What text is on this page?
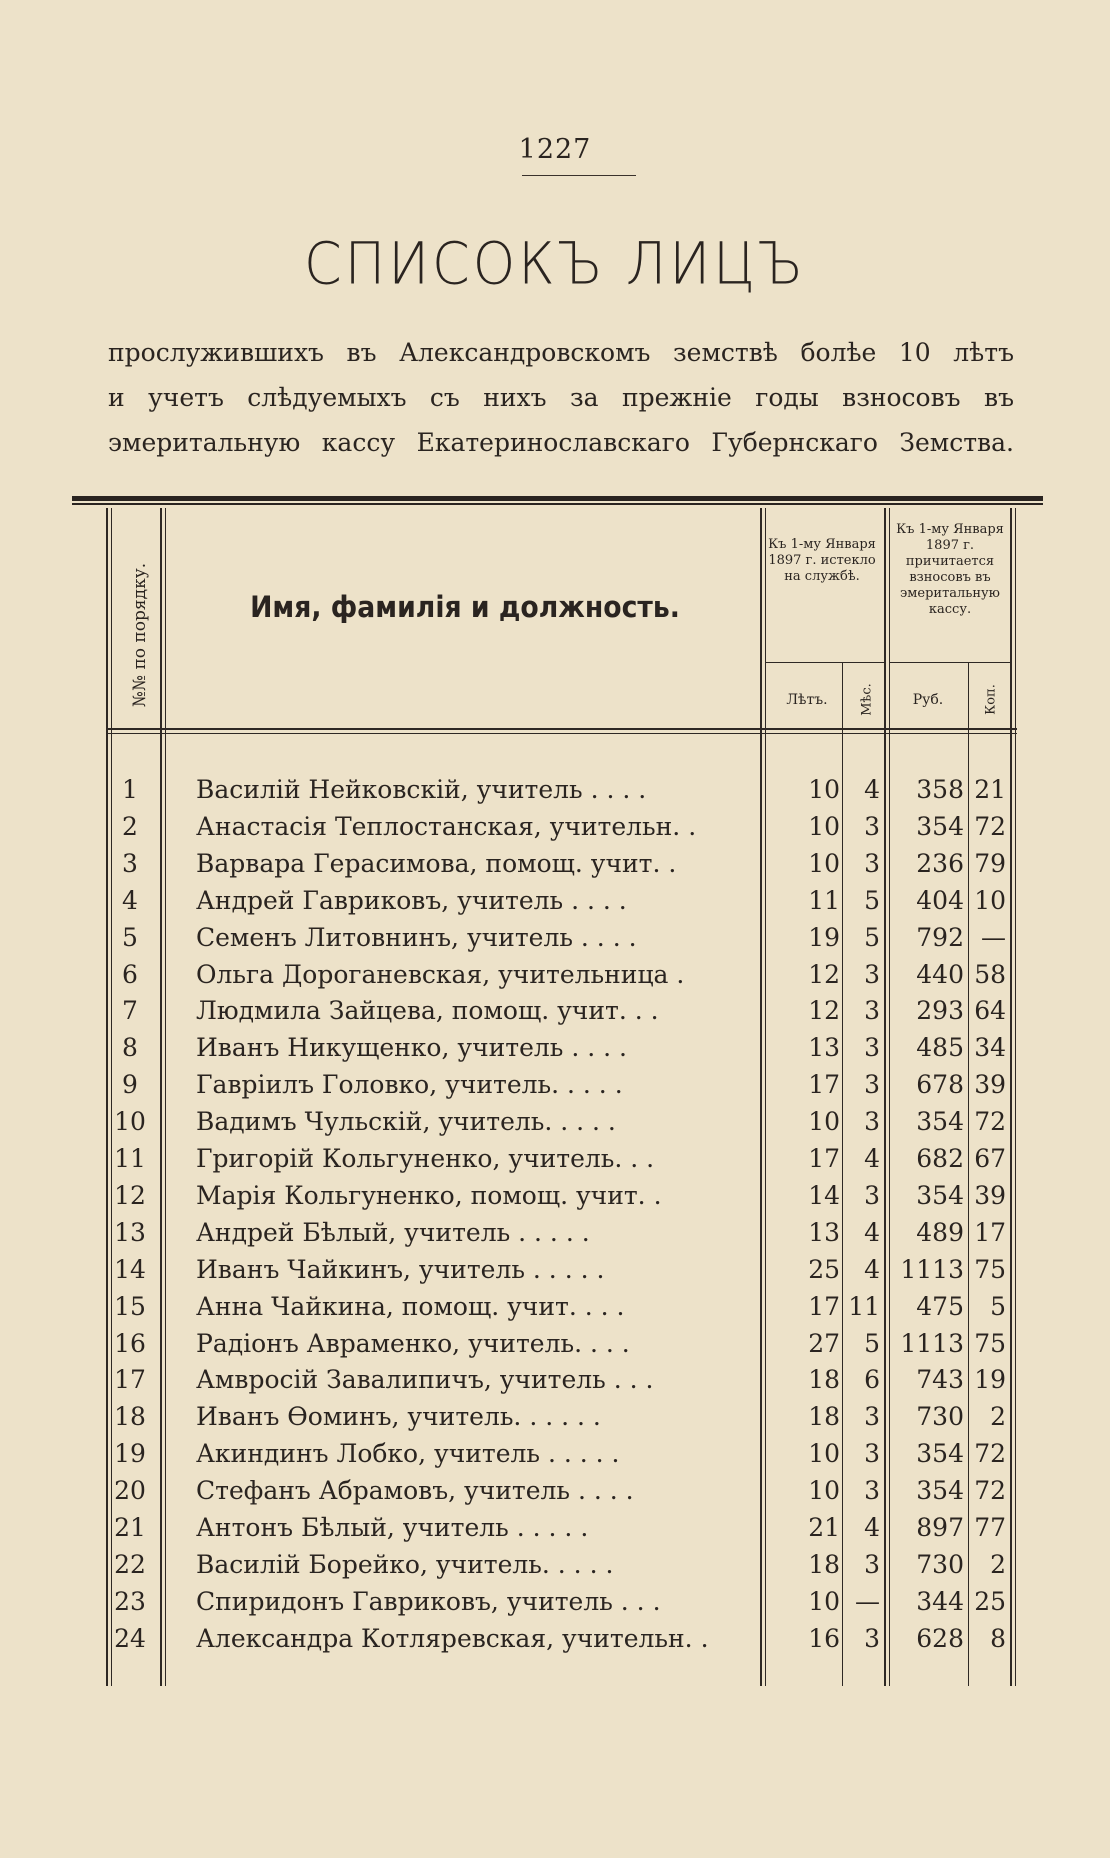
1227
СПИСОКЪ ЛИЦЪ
прослужившихъ въ Александровскомъ земствѣ болѣе 10 лѣтъ
и учетъ слѣдуемыхъ съ нихъ за прежніе годы взносовъ въ
эмеритальную кассу Екатеринославскаго Губернскаго Земства.
№№ по порядку.	Имя, фамилія и должность.
Къ 1-му Января 1897 г. истекло на службѣ.
Къ 1-му Января 1897 г. причитается взносовъ въ эмеритальную кассу.
Лѣтъ.	Мѣс.	Руб.	Коп.
1	Василій Нейковскій, учитель . . . .	10 4	358 21
2	Анастасія Теплостанская, учительн. .	10 3	354 72
3	Варвара Герасимова, помощ. учит. .	10 3	236 79
4	Андрей Гавриковъ, учитель . . . .	11 5	404 10
5	Семенъ Литовнинъ, учитель . . . .	19 5	792 —
6	Ольга Дороганевская, учительница .	12 3	440 58
7	Людмила Зайцева, помощ. учит. . .	12 3	293 64
8	Иванъ Никущенко, учитель . . . .	13 3	485 34
9	Гавріилъ Головко, учитель. . . . .	17 3	678 39
10	Вадимъ Чульскій, учитель. . . . .	10 3	354 72
11	Григорій Кольгуненко, учитель. . .	17 4	682 67
12	Марія Кольгуненко, помощ. учит. .	14 3	354 39
13	Андрей Бѣлый, учитель . . . . .	13 4	489 17
14	Иванъ Чайкинъ, учитель . . . . .	25 4 1113 75
15	Анна Чайкина, помощ. учит. . . .	17 11	475	5
16	Радіонъ Авраменко, учитель. . . .	27 5 1113 75
17	Амвросій Завалипичъ, учитель . . .	18 6	743 19
18	Иванъ Ѳоминъ, учитель. . . . . .	18 3	730	2
19	Акиндинъ Лобко, учитель . . . . .	10 3	354 72
20	Стефанъ Абрамовъ, учитель . . . .	10 3	354 72
21	Антонъ Бѣлый, учитель . . . . .	21 4	897 77
22	Василій Борейко, учитель. . . . .	18 3	730	2
23	Спиридонъ Гавриковъ, учитель . . .	10 —	344 25
24	Александра Котляревская, учительн. .	16 3	628	8
